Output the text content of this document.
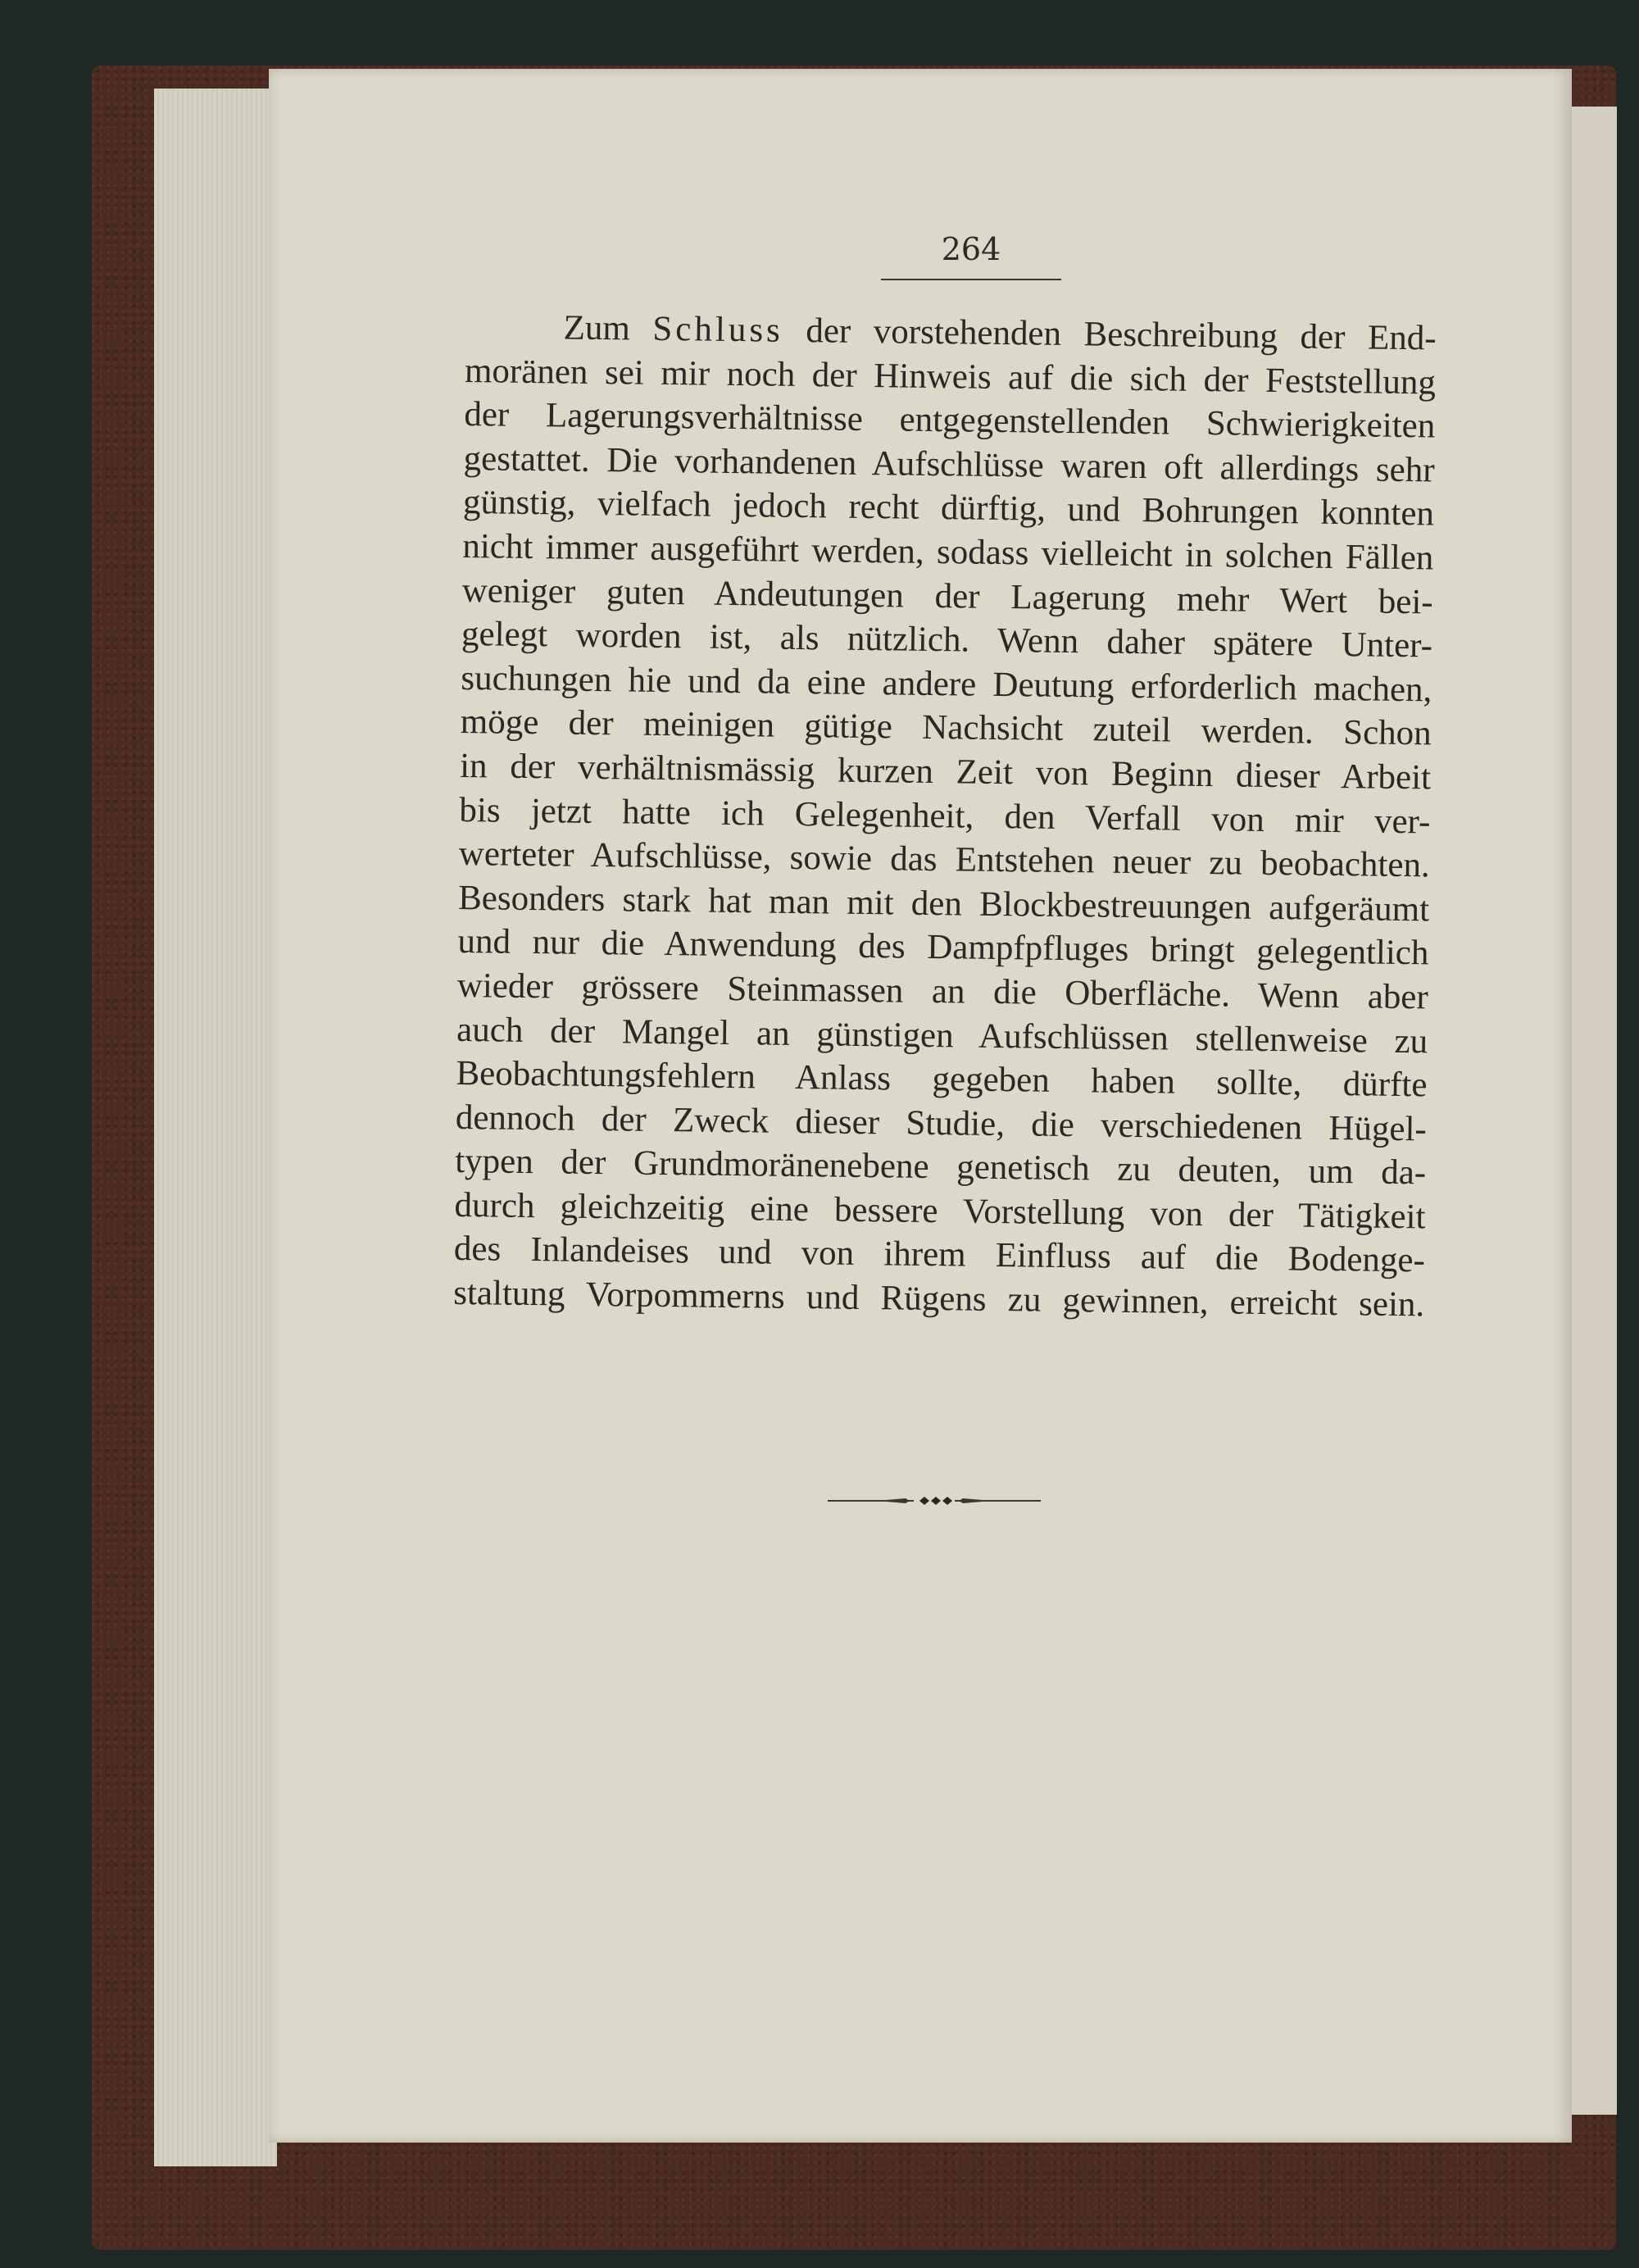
264
Zum Schluss der vorstehenden Beschreibung der End-
moränen sei mir noch der Hinweis auf die sich der Feststellung
der Lagerungsverhältnisse entgegenstellenden Schwierigkeiten
gestattet. Die vorhandenen Aufschlüsse waren oft allerdings sehr
günstig, vielfach jedoch recht dürftig, und Bohrungen konnten
nicht immer ausgeführt werden, sodass vielleicht in solchen Fällen
weniger guten Andeutungen der Lagerung mehr Wert bei-
gelegt worden ist, als nützlich. Wenn daher spätere Unter-
suchungen hie und da eine andere Deutung erforderlich machen,
möge der meinigen gütige Nachsicht zuteil werden. Schon
in der verhältnismässig kurzen Zeit von Beginn dieser Arbeit
bis jetzt hatte ich Gelegenheit, den Verfall von mir ver-
werteter Aufschlüsse, sowie das Entstehen neuer zu beobachten.
Besonders stark hat man mit den Blockbestreuungen aufgeräumt
und nur die Anwendung des Dampfpfluges bringt gelegentlich
wieder grössere Steinmassen an die Oberfläche. Wenn aber
auch der Mangel an günstigen Aufschlüssen stellenweise zu
Beobachtungsfehlern Anlass gegeben haben sollte, dürfte
dennoch der Zweck dieser Studie, die verschiedenen Hügel-
typen der Grundmoränenebene genetisch zu deuten, um da-
durch gleichzeitig eine bessere Vorstellung von der Tätigkeit
des Inlandeises und von ihrem Einfluss auf die Bodenge-
staltung Vorpommerns und Rügens zu gewinnen, erreicht sein.
